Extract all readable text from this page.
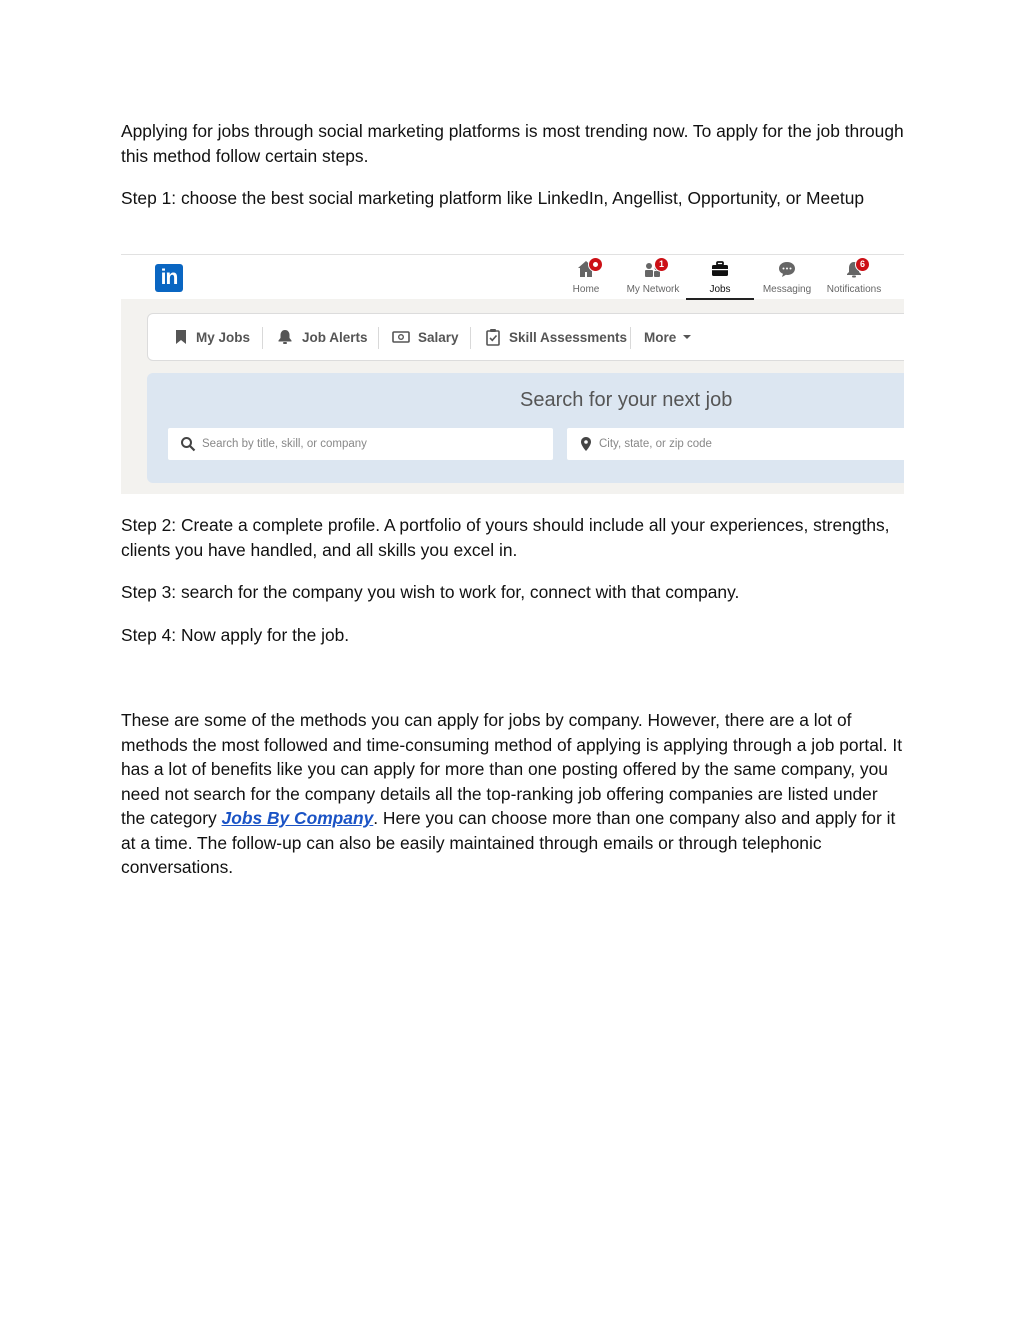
Applying for jobs through social marketing platforms is most trending now. To apply for the job through this method follow certain steps.

Step 1: choose the best social marketing platform like LinkedIn, Angellist, Opportunity, or Meetup

in
Home
1
My Network	Jobs	Messaging
6
Notifications
My Jobs	Job Alerts	Salary	Skill Assessments More
Search for your next job
Search by title, skill, or company	City, state, or zip code

Step 2: Create a complete profile. A portfolio of yours should include all your experiences, strengths, clients you have handled, and all skills you excel in.

Step 3: search for the company you wish to work for, connect with that company.

Step 4: Now apply for the job.

These are some of the methods you can apply for jobs by company. However, there are a lot of methods the most followed and time-consuming method of applying is applying through a job portal. It has a lot of benefits like you can apply for more than one posting offered by the same company, you need not search for the company details all the top-ranking job offering companies are listed under the category Jobs By Company. Here you can choose more than one company also and apply for it at a time. The follow-up can also be easily maintained through emails or through telephonic conversations.
